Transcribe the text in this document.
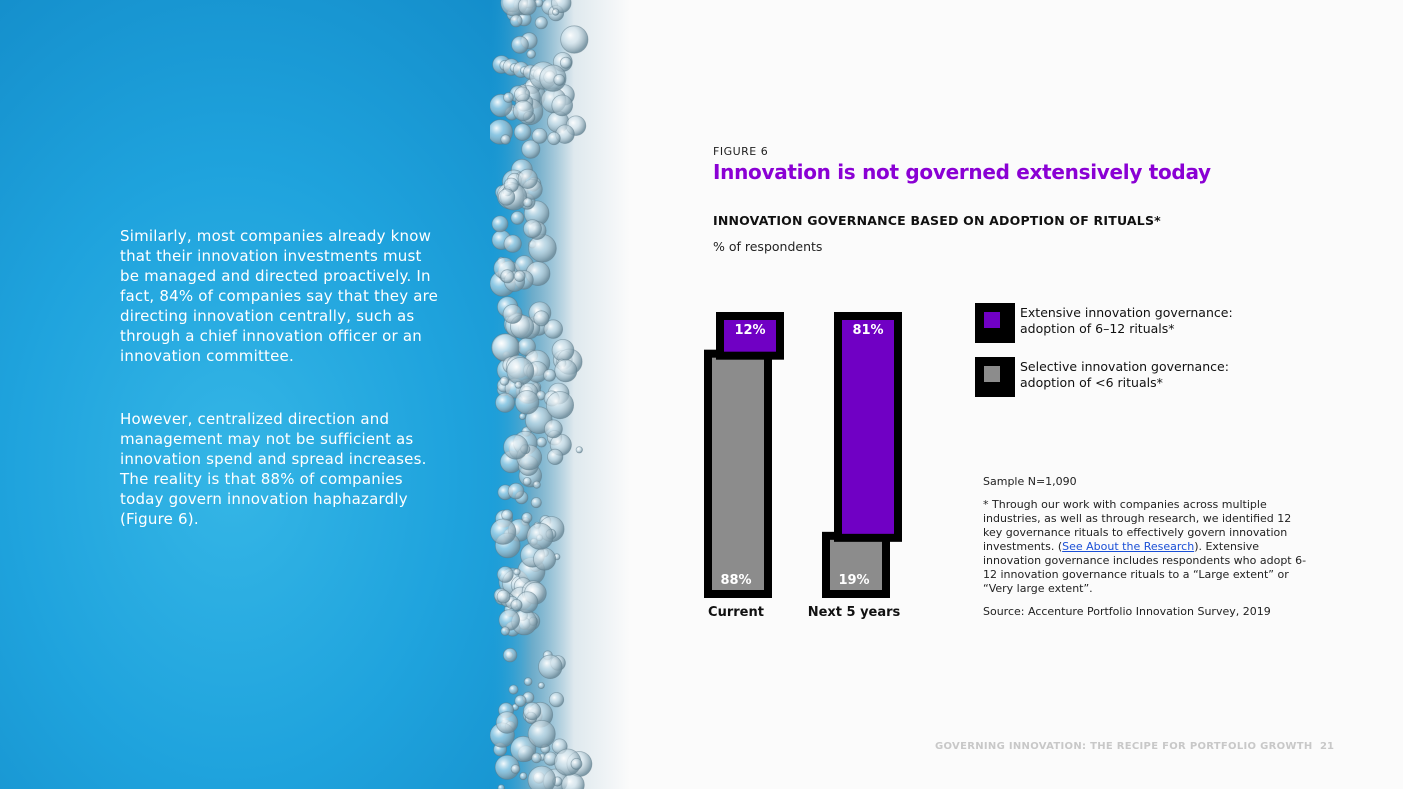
Similarly, most companies already know that their innovation investments must be managed and directed proactively. In fact, 84% of companies say that they are directing innovation centrally, such as through a chief innovation officer or an innovation committee.

However, centralized direction and management may not be sufficient as innovation spend and spread increases. The reality is that 88% of companies today govern innovation haphazardly (Figure 6).

FIGURE 6
Innovation is not governed extensively today
INNOVATION GOVERNANCE BASED ON ADOPTION OF RITUALS*
% of respondents
12%
88%
Current
81%
19%
Next 5 years
Extensive innovation governance:
adoption of 6–12 rituals*
Selective innovation governance:
adoption of <6 rituals*

Sample N=1,090

* Through our work with companies across multiple industries, as well as through research, we identified 12 key governance rituals to effectively govern innovation investments. (See About the Research). Extensive innovation governance includes respondents who adopt 6-12 innovation governance rituals to a “Large extent” or “Very large extent”.

Source: Accenture Portfolio Innovation Survey, 2019

GOVERNING INNOVATION: THE RECIPE FOR PORTFOLIO GROWTH 21
